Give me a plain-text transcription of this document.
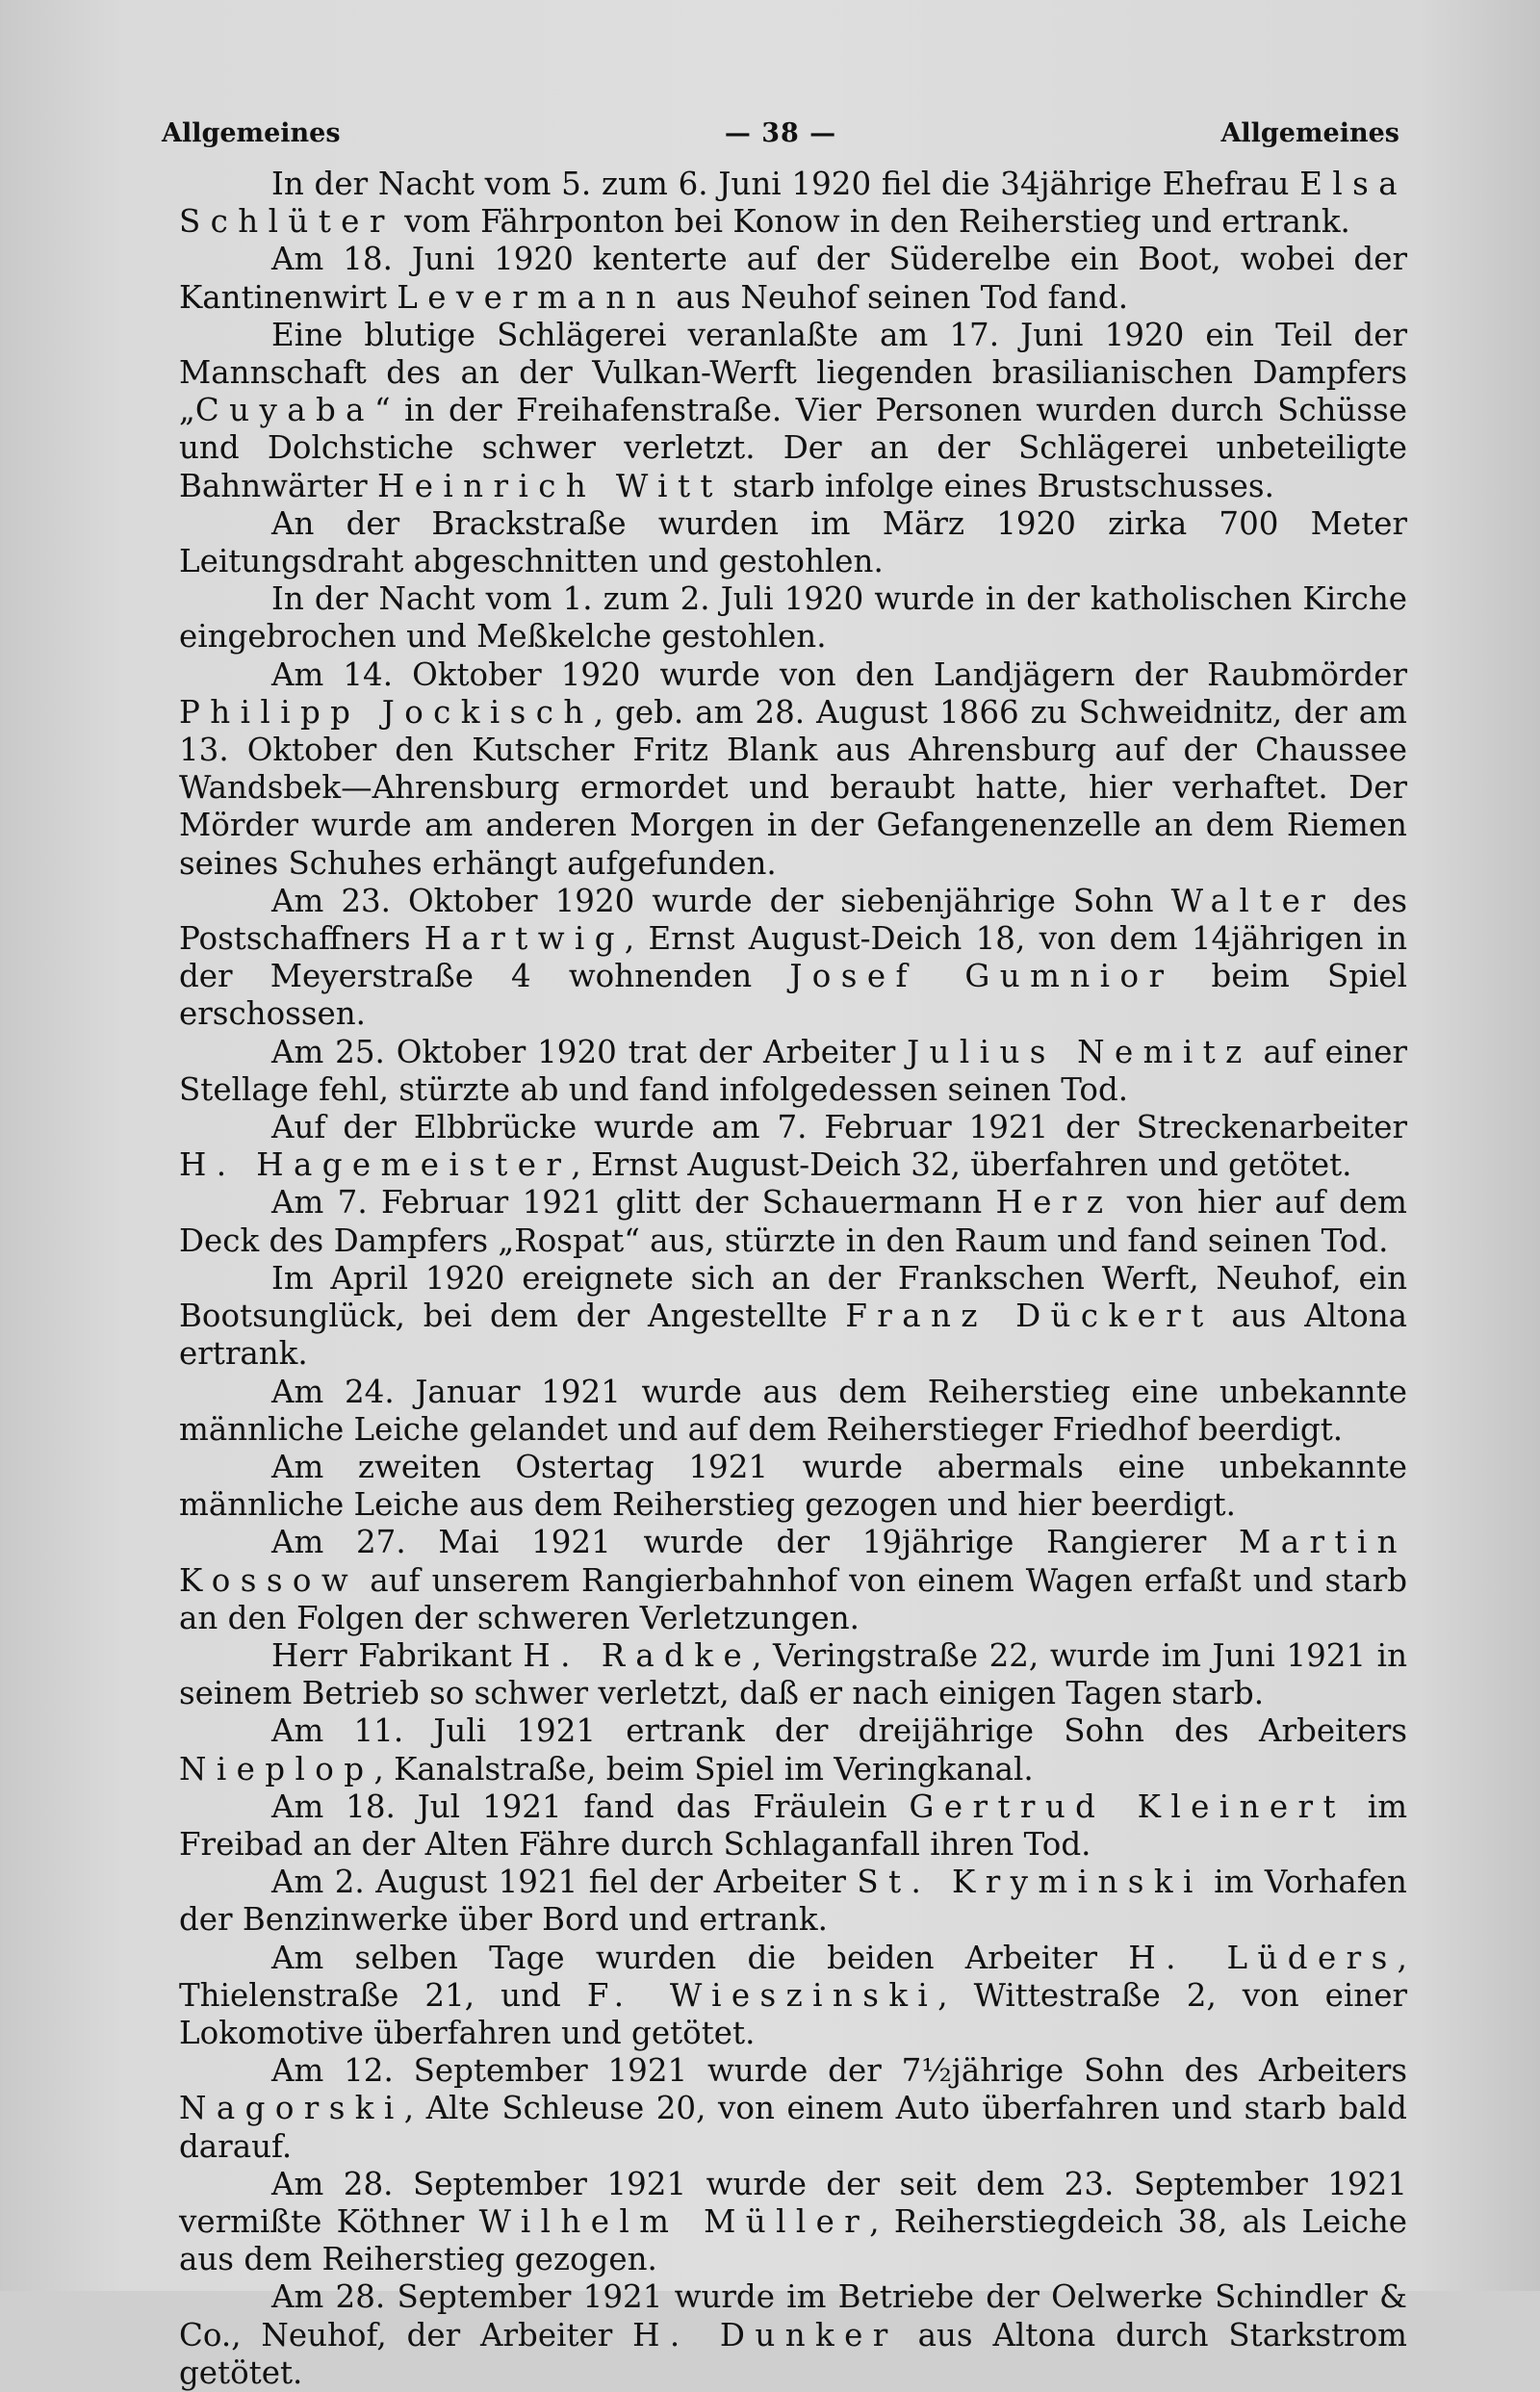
Allgemeines	— 38 —	Allgemeines

In der Nacht vom 5. zum 6. Juni 1920 fiel die 34jährige Ehefrau Elsa Schlüter vom Fährponton bei Konow in den Reiherstieg und ertrank.

Am 18. Juni 1920 kenterte auf der Süderelbe ein Boot, wobei der Kantinenwirt Levermann aus Neuhof seinen Tod fand.

Eine blutige Schlägerei veranlaßte am 17. Juni 1920 ein Teil der Mannschaft des an der Vulkan-Werft liegenden brasilianischen Dampfers „Cuyaba“ in der Freihafenstraße. Vier Personen wurden durch Schüsse und Dolchstiche schwer verletzt. Der an der Schlägerei unbeteiligte Bahnwärter Heinrich Witt starb infolge eines Brustschusses.

An der Brackstraße wurden im März 1920 zirka 700 Meter Leitungsdraht abgeschnitten und gestohlen.

In der Nacht vom 1. zum 2. Juli 1920 wurde in der katholischen Kirche eingebrochen und Meßkelche gestohlen.

Am 14. Oktober 1920 wurde von den Landjägern der Raubmörder Philipp Jockisch, geb. am 28. August 1866 zu Schweidnitz, der am 13. Oktober den Kutscher Fritz Blank aus Ahrensburg auf der Chaussee Wandsbek—Ahrensburg ermordet und beraubt hatte, hier verhaftet. Der Mörder wurde am anderen Morgen in der Gefangenenzelle an dem Riemen seines Schuhes erhängt aufgefunden.

Am 23. Oktober 1920 wurde der siebenjährige Sohn Walter des Postschaffners Hartwig, Ernst August-Deich 18, von dem 14jährigen in der Meyerstraße 4 wohnenden Josef Gumnior beim Spiel erschossen.

Am 25. Oktober 1920 trat der Arbeiter Julius Nemitz auf einer Stellage fehl, stürzte ab und fand infolgedessen seinen Tod.

Auf der Elbbrücke wurde am 7. Februar 1921 der Streckenarbeiter H. Hagemeister, Ernst August-Deich 32, überfahren und getötet.

Am 7. Februar 1921 glitt der Schauermann Herz von hier auf dem Deck des Dampfers „Rospat“ aus, stürzte in den Raum und fand seinen Tod.

Im April 1920 ereignete sich an der Frankschen Werft, Neuhof, ein Bootsunglück, bei dem der Angestellte Franz Dückert aus Altona ertrank.

Am 24. Januar 1921 wurde aus dem Reiherstieg eine unbekannte männliche Leiche gelandet und auf dem Reiherstieger Friedhof beerdigt.

Am zweiten Ostertag 1921 wurde abermals eine unbekannte männliche Leiche aus dem Reiherstieg gezogen und hier beerdigt.

Am 27. Mai 1921 wurde der 19jährige Rangierer Martin Kossow auf unserem Rangierbahnhof von einem Wagen erfaßt und starb an den Folgen der schweren Verletzungen.

Herr Fabrikant H. Radke, Veringstraße 22, wurde im Juni 1921 in seinem Betrieb so schwer verletzt, daß er nach einigen Tagen starb.

Am 11. Juli 1921 ertrank der dreijährige Sohn des Arbeiters Nieplop, Kanalstraße, beim Spiel im Veringkanal.

Am 18. Jul 1921 fand das Fräulein Gertrud Kleinert im Freibad an der Alten Fähre durch Schlaganfall ihren Tod.

Am 2. August 1921 fiel der Arbeiter St. Kryminski im Vorhafen der Benzinwerke über Bord und ertrank.

Am selben Tage wurden die beiden Arbeiter H. Lüders, Thielenstraße 21, und F. Wieszinski, Wittestraße 2, von einer Lokomotive überfahren und getötet.

Am 12. September 1921 wurde der 7½jährige Sohn des Arbeiters Nagorski, Alte Schleuse 20, von einem Auto überfahren und starb bald darauf.

Am 28. September 1921 wurde der seit dem 23. September 1921 vermißte Köthner Wilhelm Müller, Reiherstiegdeich 38, als Leiche aus dem Reiherstieg gezogen.

Am 28. September 1921 wurde im Betriebe der Oelwerke Schindler & Co., Neuhof, der Arbeiter H. Dunker aus Altona durch Starkstrom getötet.
